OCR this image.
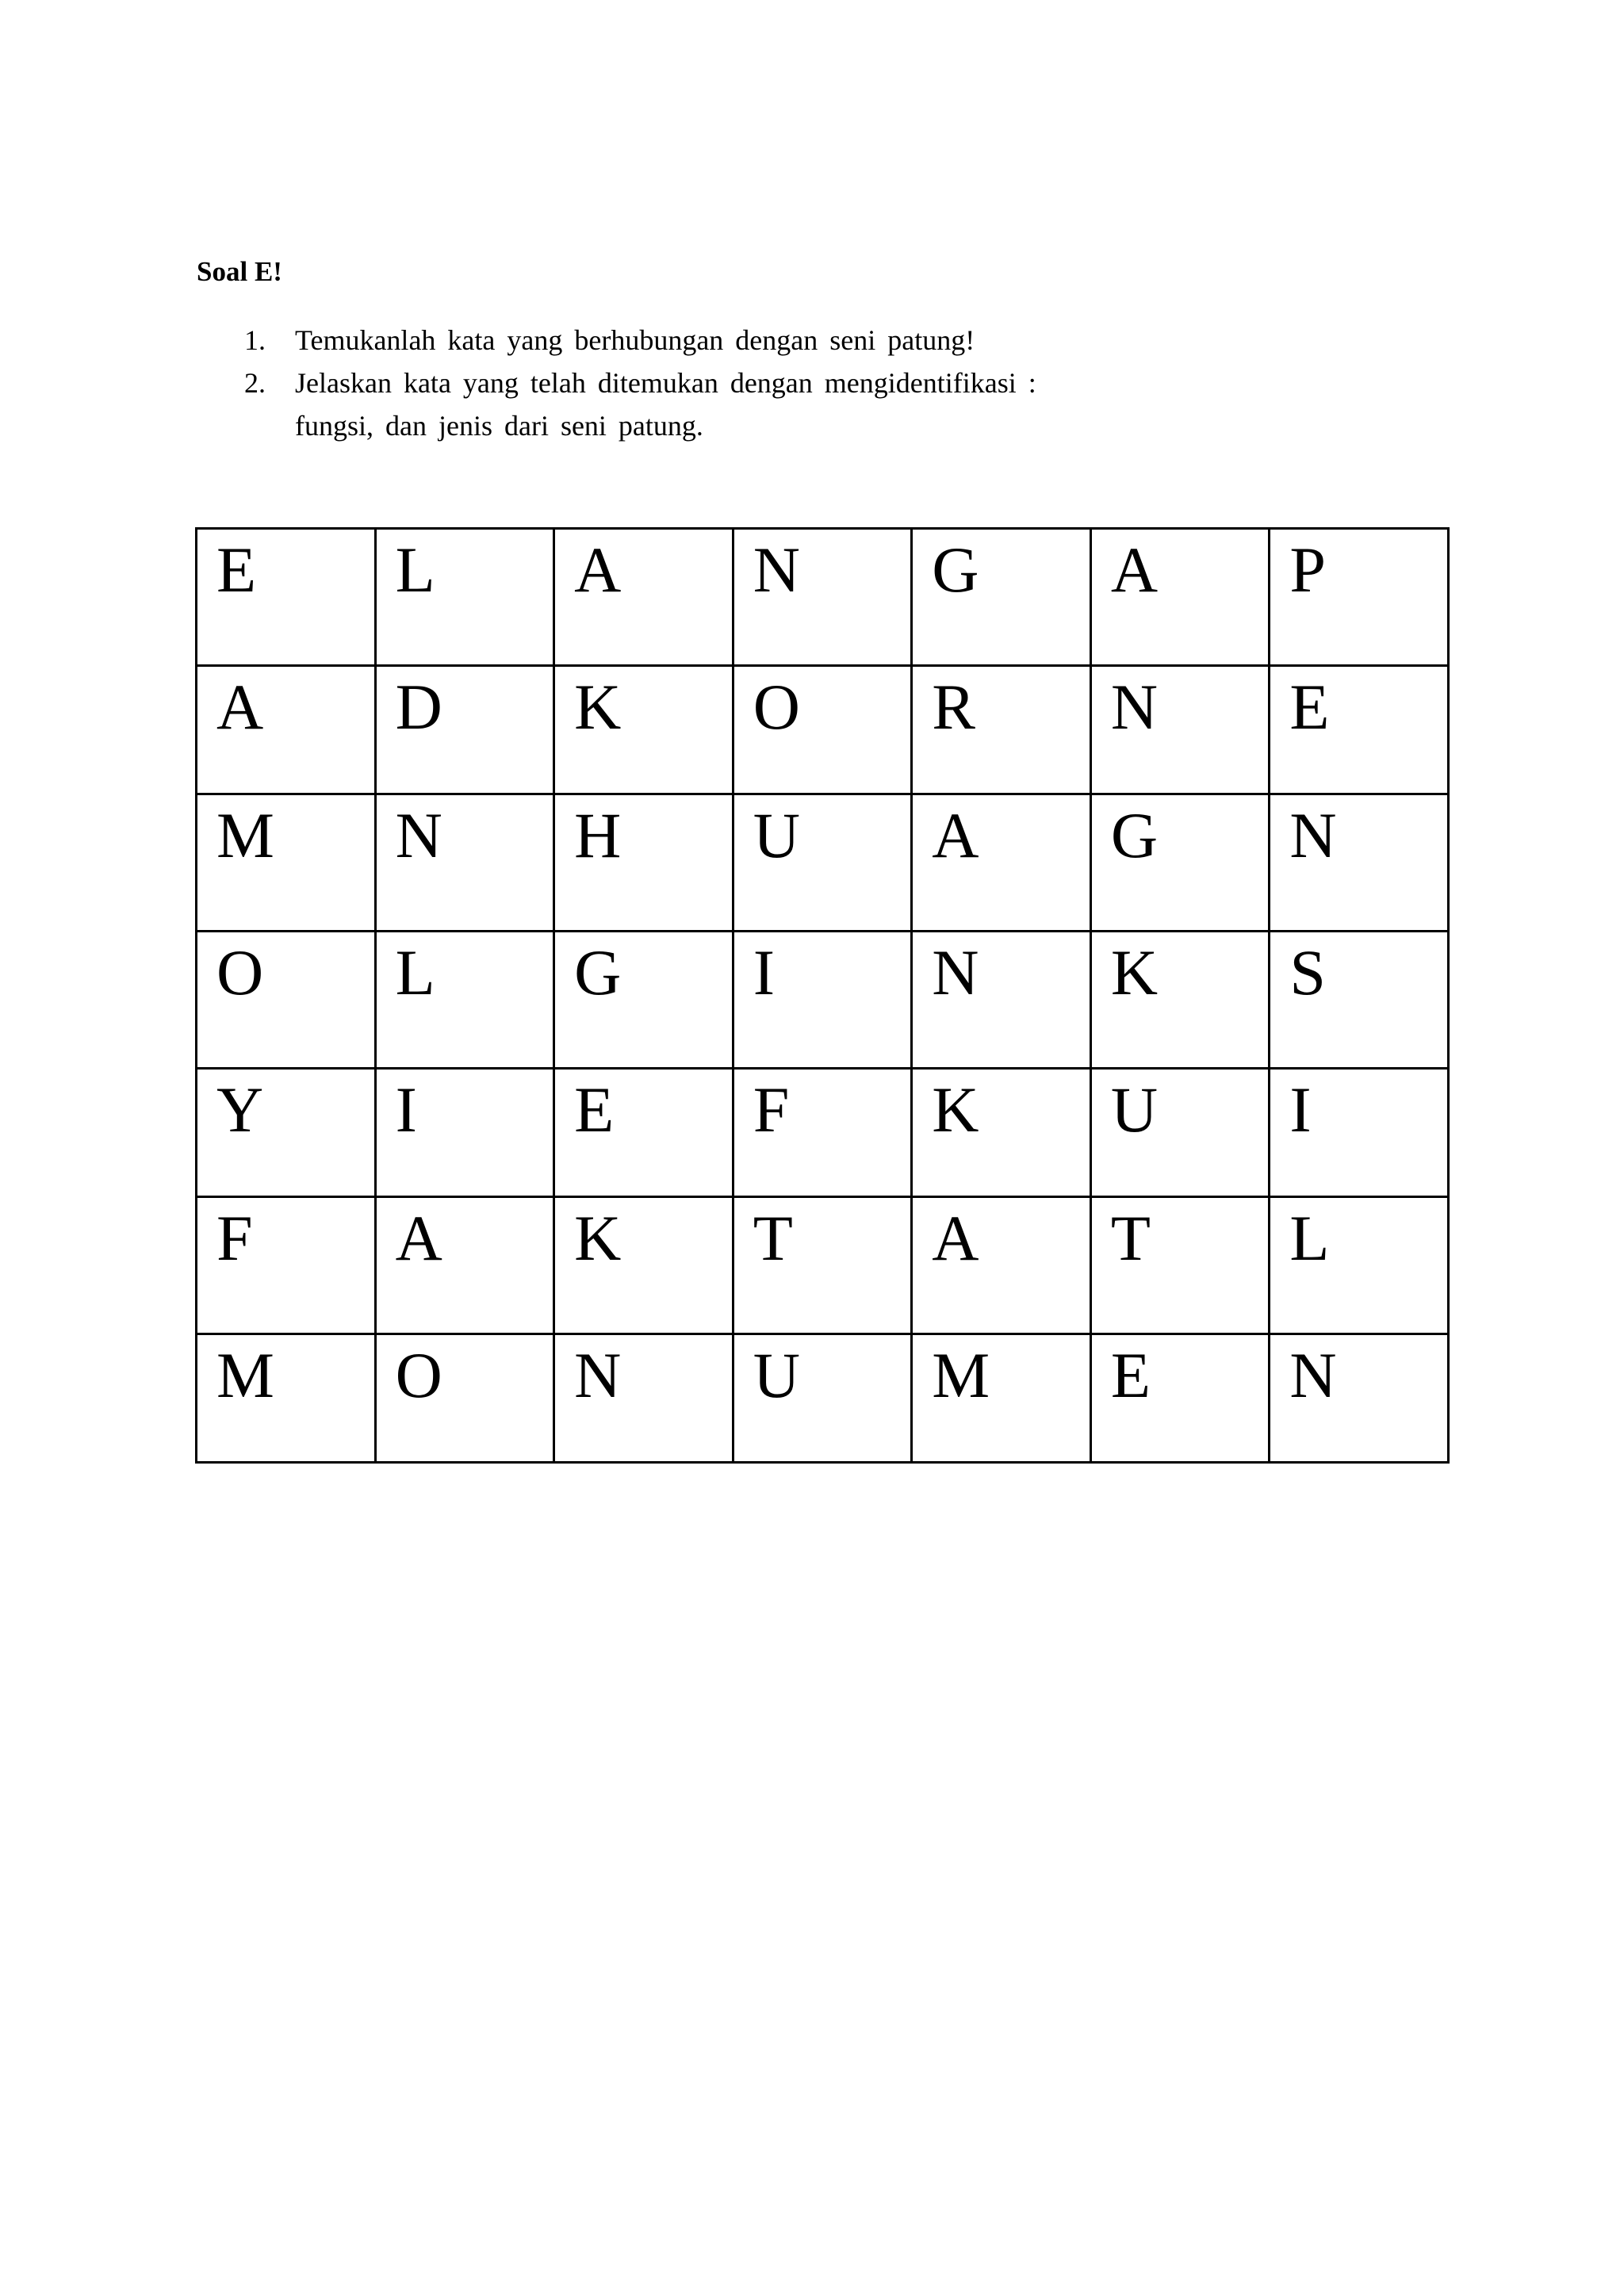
Soal E!
1. Temukanlah kata yang berhubungan dengan seni patung!
2. Jelaskan kata yang telah ditemukan dengan mengidentifikasi :
fungsi, dan jenis dari seni patung.
E	L	A	N	G	A	P

A	D	K	O	R	N	E

M	N	H	U	A	G	N

O	L	G	I	N	K	S

Y	I	E	F	K	U	I

F	A	K	T	A	T	L

M	O	N	U	M	E	N
